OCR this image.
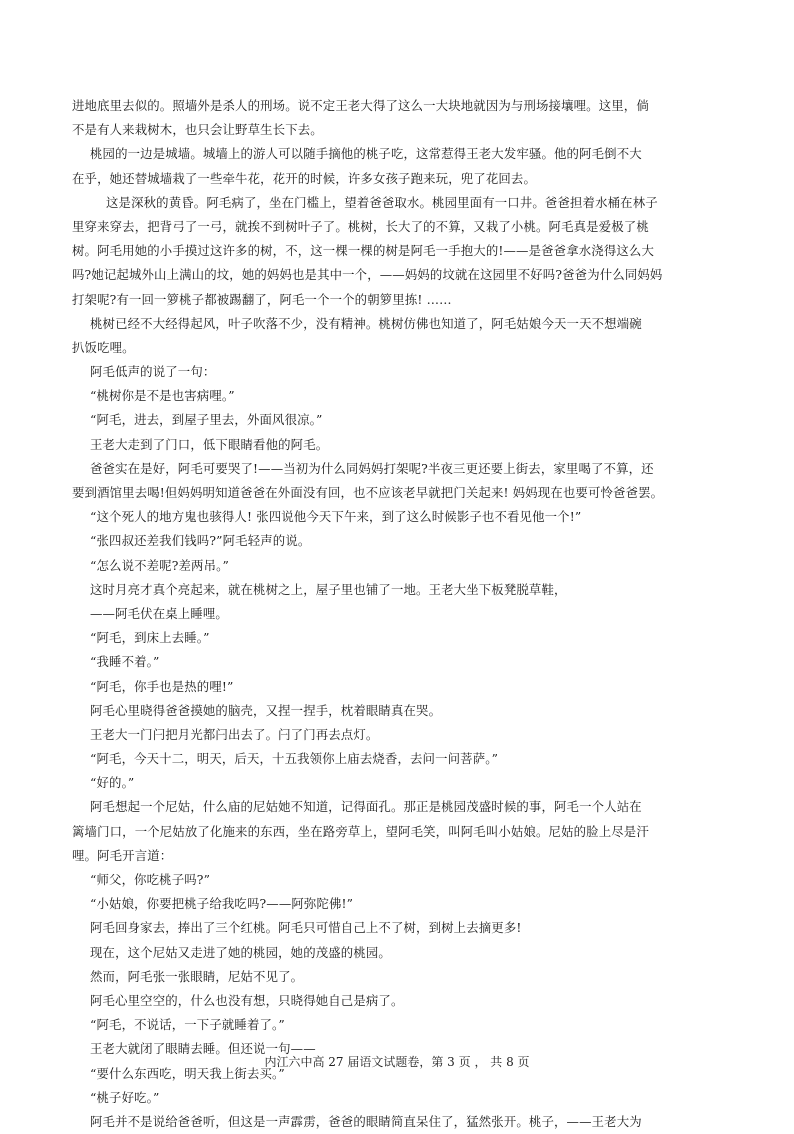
进地底里去似的。照墙外是杀人的刑场。说不定王老大得了这么一大块地就因为与刑场接壤哩。这里，倘
不是有人来栽树木，也只会让野草生长下去。
桃园的一边是城墙。城墙上的游人可以随手摘他的桃子吃，这常惹得王老大发牢骚。他的阿毛倒不大
在乎，她还替城墙栽了一些牵牛花，花开的时候，许多女孩子跑来玩，兜了花回去。
这是深秋的黄昏。阿毛病了，坐在门槛上，望着爸爸取水。桃园里面有一口井。爸爸担着水桶在林子
里穿来穿去，把背弓了一弓，就挨不到树叶子了。桃树，长大了的不算，又栽了小桃。阿毛真是爱极了桃
树。阿毛用她的小手摸过这许多的树，不，这一棵一棵的树是阿毛一手抱大的!——是爸爸拿水浇得这么大
吗?她记起城外山上满山的坟，她的妈妈也是其中一个，——妈妈的坟就在这园里不好吗?爸爸为什么同妈妈
打架呢?有一回一箩桃子都被踢翻了，阿毛一个一个的朝箩里拣! ……
桃树已经不大经得起风，叶子吹落不少，没有精神。桃树仿佛也知道了，阿毛姑娘今天一天不想端碗
扒饭吃哩。
阿毛低声的说了一句：
“桃树你是不是也害病哩。”
“阿毛，进去，到屋子里去，外面风很凉。”
王老大走到了门口，低下眼睛看他的阿毛。
爸爸实在是好，阿毛可要哭了!——当初为什么同妈妈打架呢?半夜三更还要上街去，家里喝了不算，还
要到酒馆里去喝!但妈妈明知道爸爸在外面没有回，也不应该老早就把门关起来! 妈妈现在也要可怜爸爸罢。
“这个死人的地方鬼也骇得人! 张四说他今天下午来，到了这么时候影子也不看见他一个!”
“张四叔还差我们钱吗?”阿毛轻声的说。
“怎么说不差呢?差两吊。”
这时月亮才真个亮起来，就在桃树之上，屋子里也铺了一地。王老大坐下板凳脱草鞋，
——阿毛伏在桌上睡哩。
“阿毛，到床上去睡。”
“我睡不着。”
“阿毛，你手也是热的哩!”
阿毛心里晓得爸爸摸她的脑壳，又捏一捏手，枕着眼睛真在哭。
王老大一门闩把月光都闩出去了。闩了门再去点灯。
“阿毛，今天十二，明天，后天，十五我领你上庙去烧香，去问一问菩萨。”
“好的。”
阿毛想起一个尼姑，什么庙的尼姑她不知道，记得面孔。那正是桃园茂盛时候的事，阿毛一个人站在
篱墙门口，一个尼姑放了化施来的东西，坐在路旁草上，望阿毛笑，叫阿毛叫小姑娘。尼姑的脸上尽是汗
哩。阿毛开言道：
“师父，你吃桃子吗?”
“小姑娘，你要把桃子给我吃吗?——阿弥陀佛!”
阿毛回身家去，捧出了三个红桃。阿毛只可惜自己上不了树，到树上去摘更多!
现在，这个尼姑又走进了她的桃园，她的茂盛的桃园。
然而，阿毛张一张眼睛，尼姑不见了。
阿毛心里空空的，什么也没有想，只晓得她自己是病了。
“阿毛，不说话，一下子就睡着了。”
王老大就闭了眼睛去睡。但还说一句——
“要什么东西吃，明天我上街去买。”
“桃子好吃。”
阿毛并不是说给爸爸听，但这是一声霹雳，爸爸的眼睛简直呆住了，猛然张开。桃子，——王老大为
内江六中高 27 届语文试题卷，第 3 页 ， 共 8 页
